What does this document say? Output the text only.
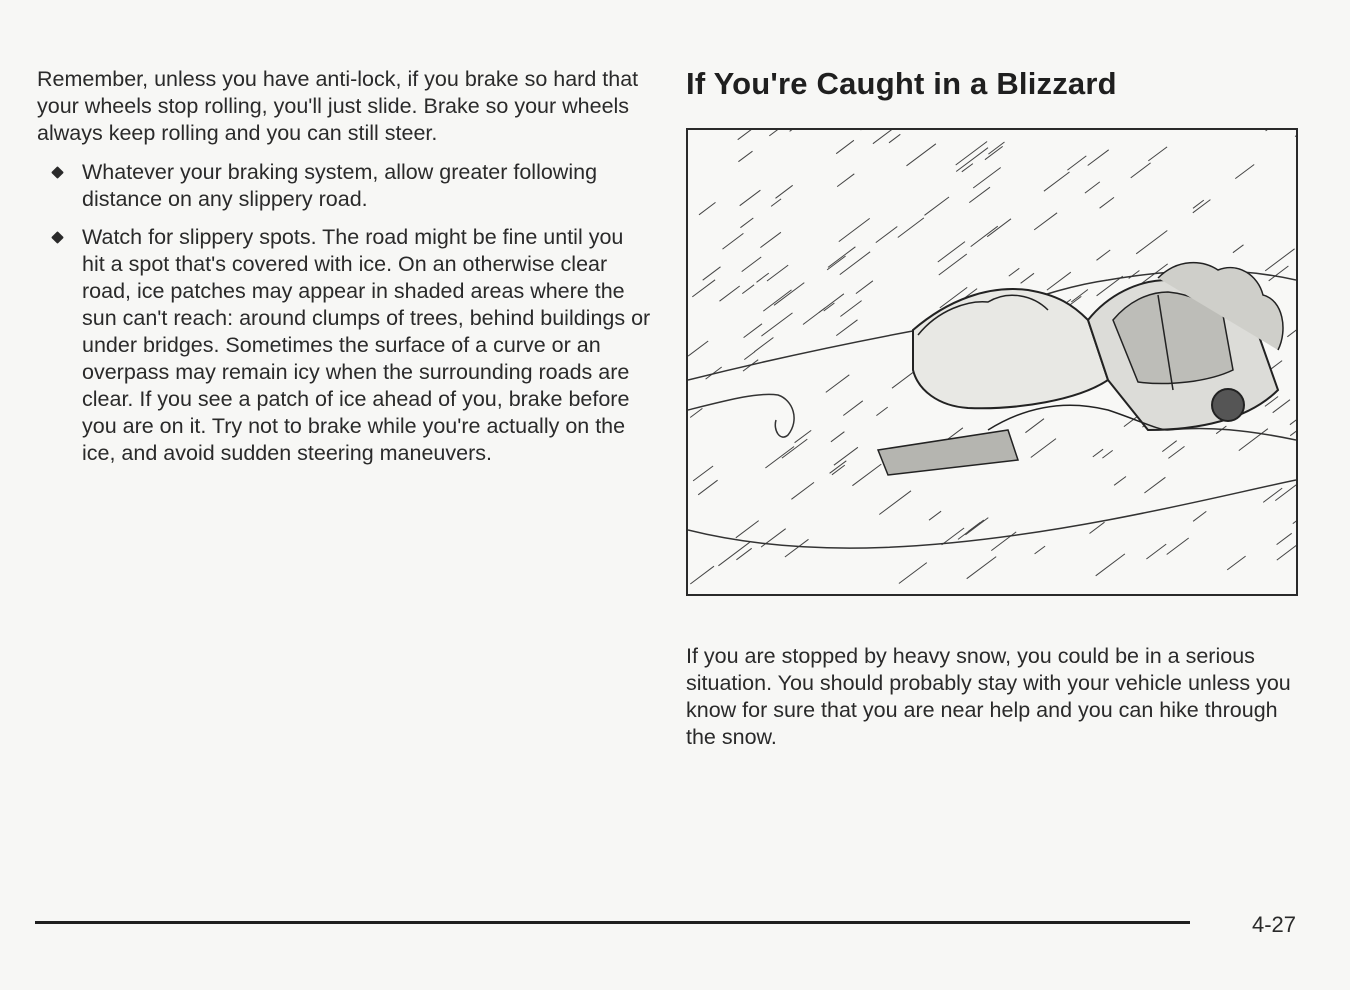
Remember, unless you have anti-lock, if you brake so hard that your wheels stop rolling, you'll just slide. Brake so your wheels always keep rolling and you can still steer.

Whatever your braking system, allow greater following distance on any slippery road.
Watch for slippery spots. The road might be fine until you hit a spot that's covered with ice. On an otherwise clear road, ice patches may appear in shaded areas where the sun can't reach: around clumps of trees, behind buildings or under bridges. Sometimes the surface of a curve or an overpass may remain icy when the surrounding roads are clear. If you see a patch of ice ahead of you, brake before you are on it. Try not to brake while you're actually on the ice, and avoid sudden steering maneuvers.
If You're Caught in a Blizzard

If you are stopped by heavy snow, you could be in a serious situation. You should probably stay with your vehicle unless you know for sure that you are near help and you can hike through the snow.

4-27
